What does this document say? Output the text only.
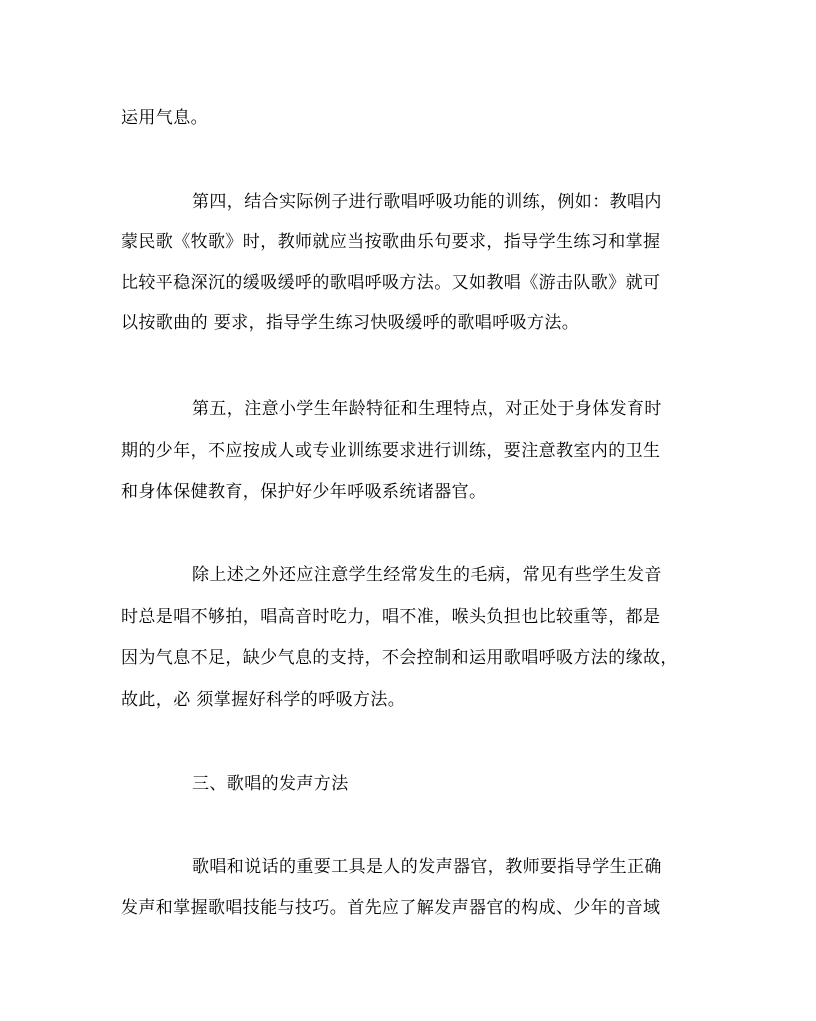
运用气息。
第四，结合实际例子进行歌唱呼吸功能的训练，例如：教唱内
蒙民歌《牧歌》时，教师就应当按歌曲乐句要求，指导学生练习和掌握
比较平稳深沉的缓吸缓呼的歌唱呼吸方法。又如教唱《游击队歌》就可
以按歌曲的 要求，指导学生练习快吸缓呼的歌唱呼吸方法。
第五，注意小学生年龄特征和生理特点，对正处于身体发育时
期的少年，不应按成人或专业训练要求进行训练，要注意教室内的卫生
和身体保健教育，保护好少年呼吸系统诸器官。
除上述之外还应注意学生经常发生的毛病，常见有些学生发音
时总是唱不够拍，唱高音时吃力，唱不准，喉头负担也比较重等，都是
因为气息不足，缺少气息的支持，不会控制和运用歌唱呼吸方法的缘故，
故此，必 须掌握好科学的呼吸方法。
三、歌唱的发声方法
歌唱和说话的重要工具是人的发声器官，教师要指导学生正确
发声和掌握歌唱技能与技巧。首先应了解发声器官的构成、少年的音域
